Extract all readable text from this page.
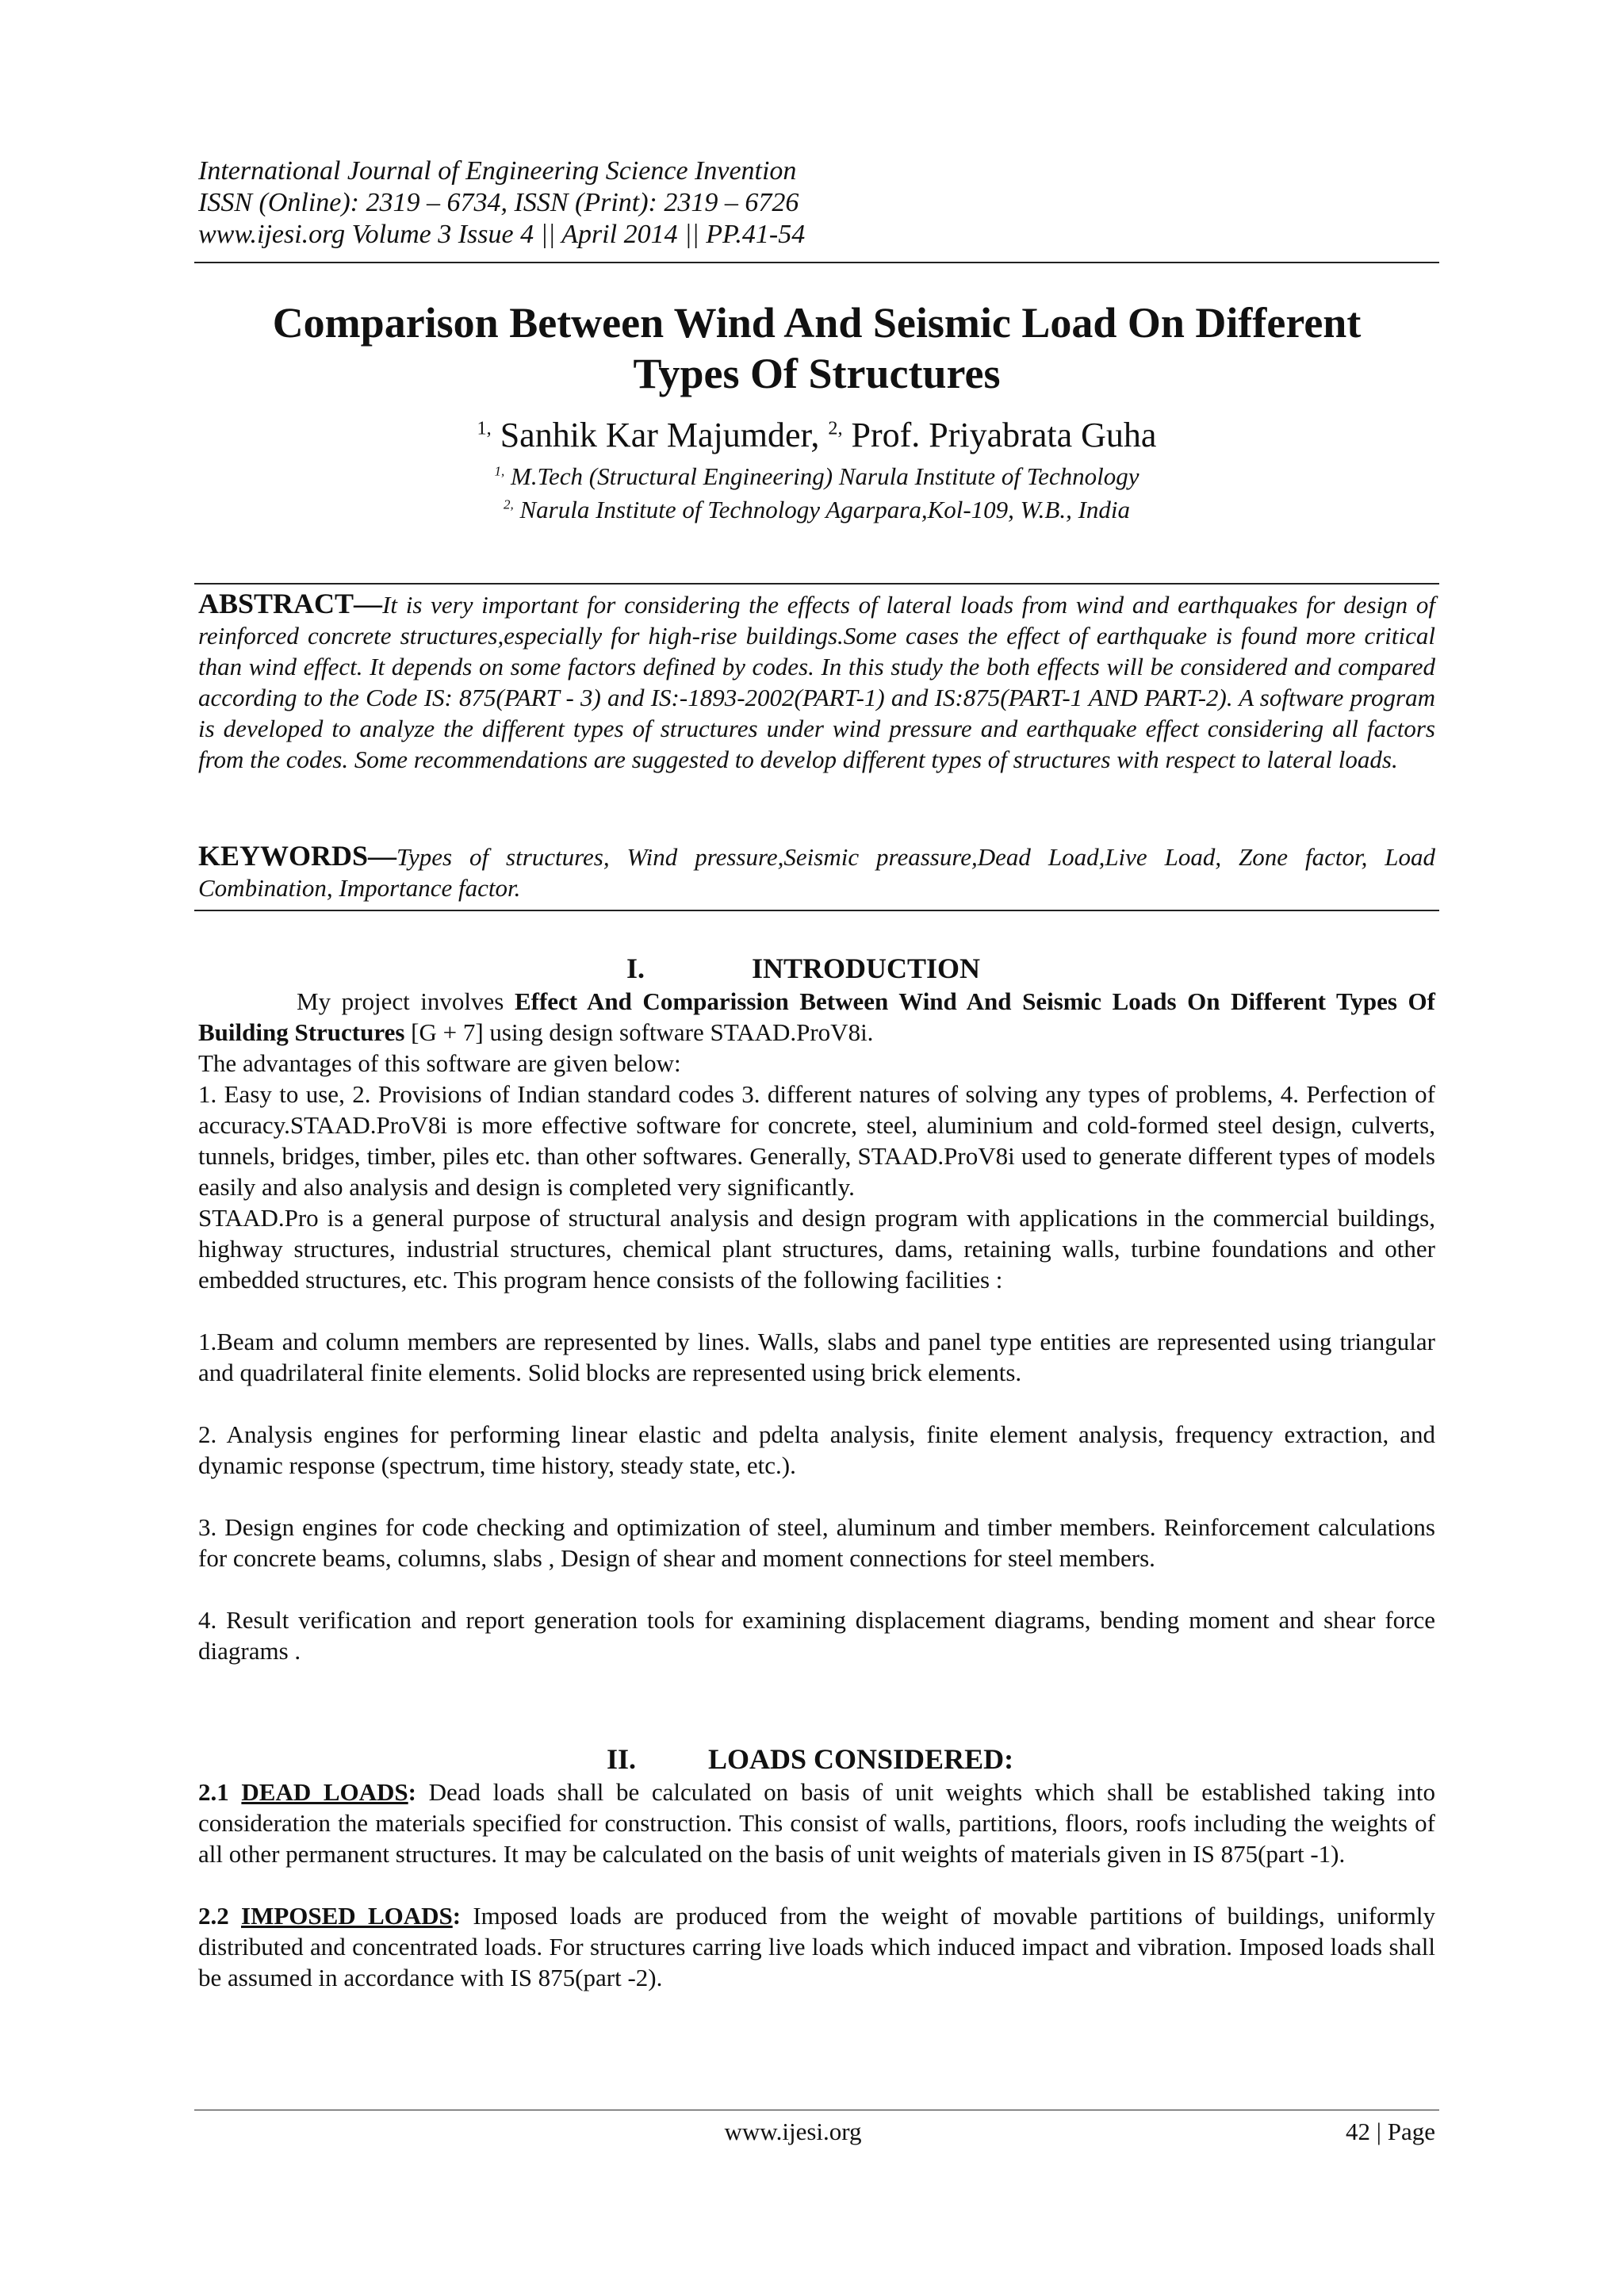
International Journal of Engineering Science Invention
ISSN (Online): 2319 – 6734, ISSN (Print): 2319 – 6726
www.ijesi.org Volume 3 Issue 4 || April 2014 || PP.41-54
Comparison Between Wind And Seismic Load On Different
Types Of Structures
$^{1,}$ Sanhik Kar Majumder, $^{2,}$ Prof. Priyabrata Guha
$^{1,}$ M.Tech (Structural Engineering) Narula Institute of Technology
$^{2,}$ Narula Institute of Technology Agarpara,Kol-109, W.B., India
ABSTRACT—It is very important for considering the effects of lateral loads from wind and earthquakes for design of reinforced concrete structures,especially for high-rise buildings.Some cases the effect of earthquake is found more critical than wind effect. It depends on some factors defined by codes. In this study the both effects will be considered and compared according to the Code IS: 875(PART - 3) and IS:-1893-2002(PART-1) and IS:875(PART-1 AND PART-2). A software program is developed to analyze the different types of structures under wind pressure and earthquake effect considering all factors from the codes. Some recommendations are suggested to develop different types of structures with respect to lateral loads.
KEYWORDS—Types of structures, Wind pressure,Seismic preassure,Dead Load,Live Load, Zone factor, Load Combination, Importance factor.
I.	INTRODUCTION

My project involves Effect And Comparission Between Wind And Seismic Loads On Different Types Of Building Structures [G + 7] using design software STAAD.ProV8i.

The advantages of this software are given below:

1. Easy to use, 2. Provisions of Indian standard codes 3. different natures of solving any types of problems, 4. Perfection of accuracy.STAAD.ProV8i is more effective software for concrete, steel, aluminium and cold-formed steel design, culverts, tunnels, bridges, timber, piles etc. than other softwares. Generally, STAAD.ProV8i used to generate different types of models easily and also analysis and design is completed very significantly.

STAAD.Pro is a general purpose of structural analysis and design program with applications in the commercial buildings, highway structures, industrial structures, chemical plant structures, dams, retaining walls, turbine foundations and other embedded structures, etc. This program hence consists of the following facilities :

1.Beam and column members are represented by lines. Walls, slabs and panel type entities are represented using triangular and quadrilateral finite elements. Solid blocks are represented using brick elements.

2. Analysis engines for performing linear elastic and pdelta analysis, finite element analysis, frequency extraction, and dynamic response (spectrum, time history, steady state, etc.).

3. Design engines for code checking and optimization of steel, aluminum and timber members. Reinforcement calculations for concrete beams, columns, slabs , Design of shear and moment connections for steel members.

4. Result verification and report generation tools for examining displacement diagrams, bending moment and shear force diagrams .

II.	LOADS CONSIDERED:

2.1 DEAD LOADS: Dead loads shall be calculated on basis of unit weights which shall be established taking into consideration the materials specified for construction. This consist of walls, partitions, floors, roofs including the weights of all other permanent structures. It may be calculated on the basis of unit weights of materials given in IS 875(part -1).

2.2 IMPOSED LOADS: Imposed loads are produced from the weight of movable partitions of buildings, uniformly distributed and concentrated loads. For structures carring live loads which induced impact and vibration. Imposed loads shall be assumed in accordance with IS 875(part -2).

www.ijesi.org	42 | Page
